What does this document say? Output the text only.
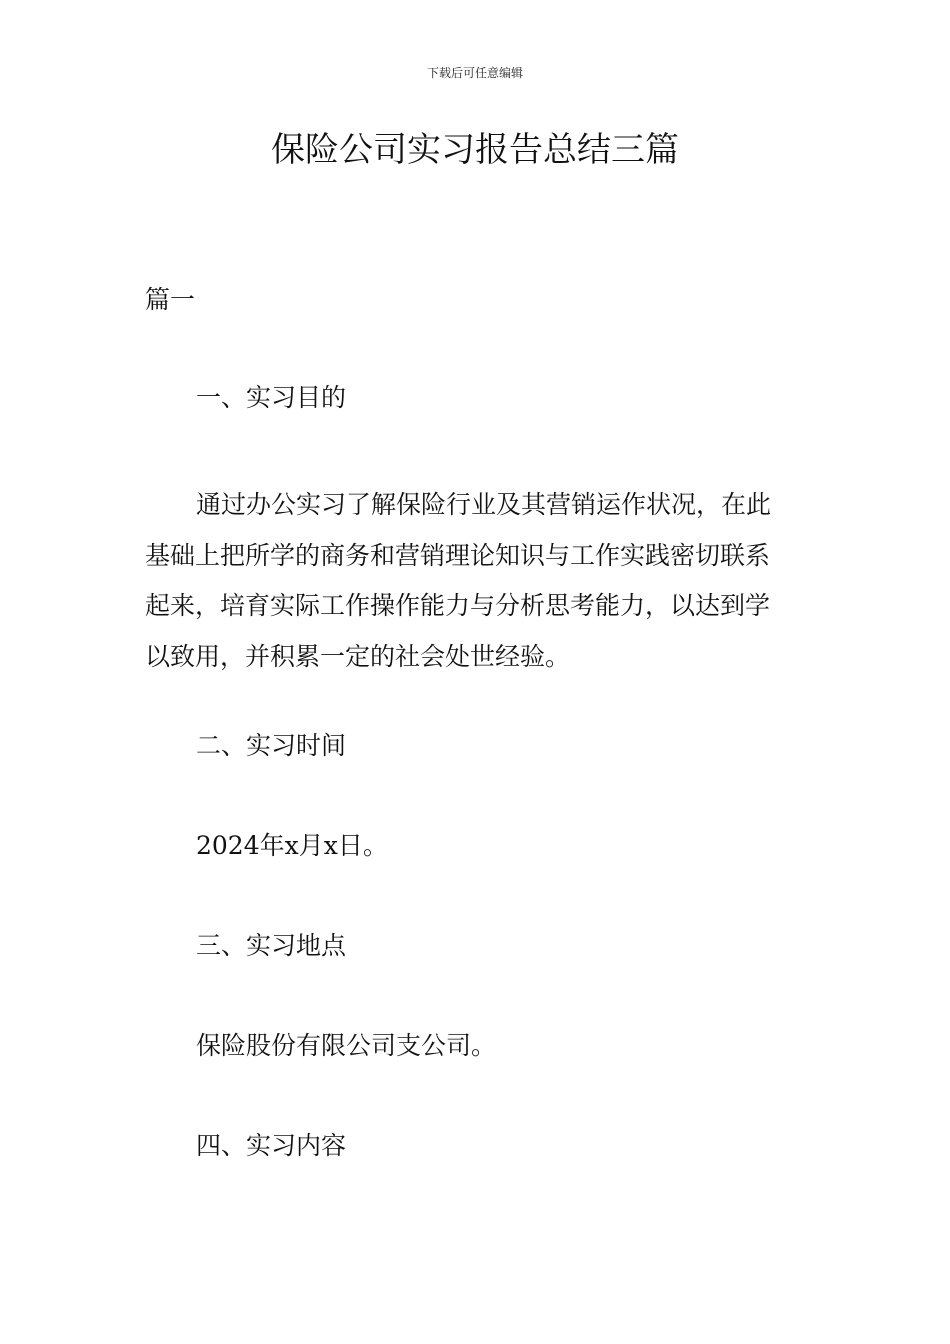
下载后可任意编辑
保险公司实习报告总结三篇
篇一
一、实习目的
通过办公实习了解保险行业及其营销运作状况，在此
基础上把所学的商务和营销理论知识与工作实践密切联系
起来，培育实际工作操作能力与分析思考能力，以达到学
以致用，并积累一定的社会处世经验。
二、实习时间
2024年x月x日。
三、实习地点
保险股份有限公司支公司。
四、实习内容
